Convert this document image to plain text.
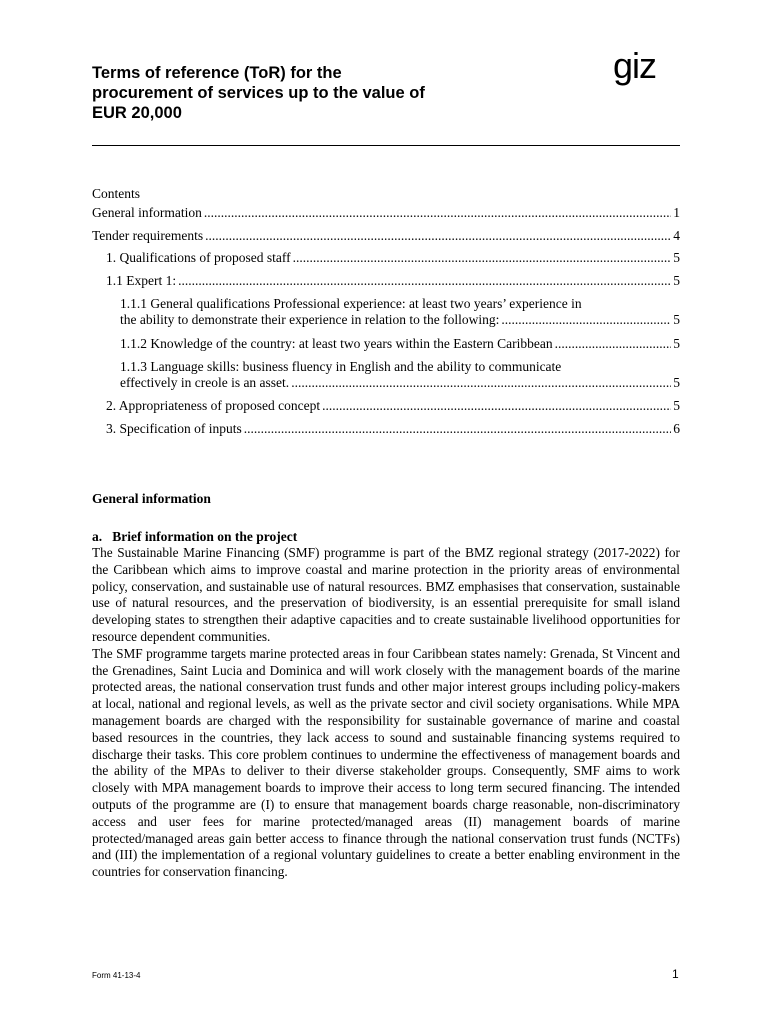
Terms of reference (ToR) for the
procurement of services up to the value of
EUR 20,000
giz
Contents
General information .....	1
Tender requirements .....	4
1. Qualifications of proposed staff .....	5
1.1 Expert 1: .....	5
1.1.1 General qualifications Professional experience: at least two years’ experience in
the ability to demonstrate their experience in relation to the following: .....	5
1.1.2 Knowledge of the country: at least two years within the Eastern Caribbean .....	5
1.1.3 Language skills: business fluency in English and the ability to communicate
effectively in creole is an asset. .....	5
2. Appropriateness of proposed concept .....	5
3. Specification of inputs .....	6
General information
a.   Brief information on the project

The Sustainable Marine Financing (SMF) programme is part of the BMZ regional strategy (2017-2022) for the Caribbean which aims to improve coastal and marine protection in the priority areas of environmental policy, conservation, and sustainable use of natural resources. BMZ emphasises that conservation, sustainable use of natural resources, and the preservation of biodiversity, is an essential prerequisite for small island developing states to strengthen their adaptive capacities and to create sustainable livelihood opportunities for resource dependent communities.

The SMF programme targets marine protected areas in four Caribbean states namely: Grenada, St Vincent and the Grenadines, Saint Lucia and Dominica and will work closely with the management boards of the marine protected areas, the national conservation trust funds and other major interest groups including policy-makers at local, national and regional levels, as well as the private sector and civil society organisations. While MPA management boards are charged with the responsibility for sustainable governance of marine and coastal based resources in the countries, they lack access to sound and sustainable financing systems required to discharge their tasks. This core problem continues to undermine the effectiveness of management boards and the ability of the MPAs to deliver to their diverse stakeholder groups. Consequently, SMF aims to work closely with MPA management boards to improve their access to long term secured financing. The intended outputs of the programme are (I) to ensure that management boards charge reasonable, non-discriminatory access and user fees for marine protected/managed areas (II) management boards of marine protected/managed areas gain better access to finance through the national conservation trust funds (NCTFs) and (III) the implementation of a regional voluntary guidelines to create a better enabling environment in the countries for conservation financing.

Form 41-13-4	1
